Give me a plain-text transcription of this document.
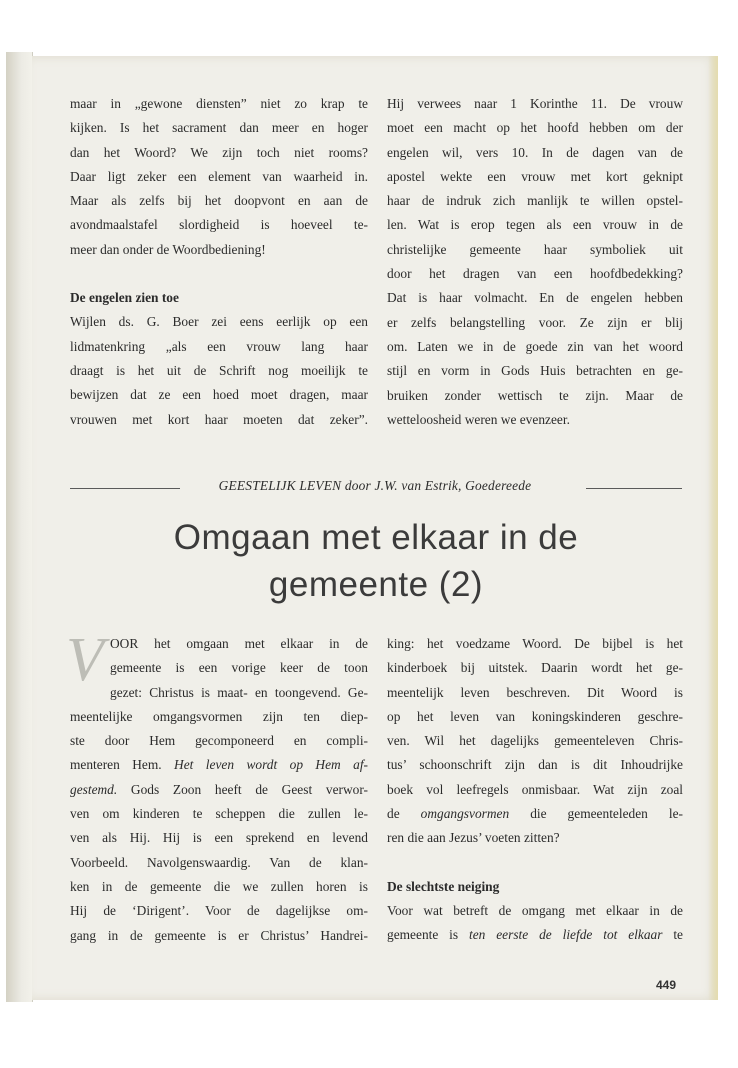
maar in „gewone diensten” niet zo krap te

kijken. Is het sacrament dan meer en hoger

dan het Woord? We zijn toch niet rooms?

Daar ligt zeker een element van waarheid in.

Maar als zelfs bij het doopvont en aan de

avondmaalstafel slordigheid is hoeveel te-

meer dan onder de Woordbediening!

De engelen zien toe

Wijlen ds. G. Boer zei eens eerlijk op een

lidmatenkring „als een vrouw lang haar

draagt is het uit de Schrift nog moeilijk te

bewijzen dat ze een hoed moet dragen, maar

vrouwen met kort haar moeten dat zeker”.

Hij verwees naar 1 Korinthe 11. De vrouw

moet een macht op het hoofd hebben om der

engelen wil, vers 10. In de dagen van de

apostel wekte een vrouw met kort geknipt

haar de indruk zich manlijk te willen opstel-

len. Wat is erop tegen als een vrouw in de

christelijke gemeente haar symboliek uit

door het dragen van een hoofdbedekking?

Dat is haar volmacht. En de engelen hebben

er zelfs belangstelling voor. Ze zijn er blij

om. Laten we in de goede zin van het woord

stijl en vorm in Gods Huis betrachten en ge-

bruiken zonder wettisch te zijn. Maar de

wetteloosheid weren we evenzeer.

GEESTELIJK LEVEN door J.W. van Estrik, Goedereede
Omgaan met elkaar in de
gemeente (2)
V OOR het omgaan met elkaar in de

gemeente is een vorige keer de toon

gezet: Christus is maat- en toongevend. Ge-

meentelijke omgangsvormen zijn ten diep-

ste door Hem gecomponeerd en compli-

menteren Hem. Het leven wordt op Hem af-

gestemd. Gods Zoon heeft de Geest verwor-

ven om kinderen te scheppen die zullen le-

ven als Hij. Hij is een sprekend en levend

Voorbeeld. Navolgenswaardig. Van de klan-

ken in de gemeente die we zullen horen is

Hij de ‘Dirigent’. Voor de dagelijkse om-

gang in de gemeente is er Christus’ Handrei-

king: het voedzame Woord. De bijbel is het

kinderboek bij uitstek. Daarin wordt het ge-

meentelijk leven beschreven. Dit Woord is

op het leven van koningskinderen geschre-

ven. Wil het dagelijks gemeenteleven Chris-

tus’ schoonschrift zijn dan is dit Inhoudrijke

boek vol leefregels onmisbaar. Wat zijn zoal

de omgangsvormen die gemeenteleden le-

ren die aan Jezus’ voeten zitten?

De slechtste neiging

Voor wat betreft de omgang met elkaar in de

gemeente is ten eerste de liefde tot elkaar te

449
